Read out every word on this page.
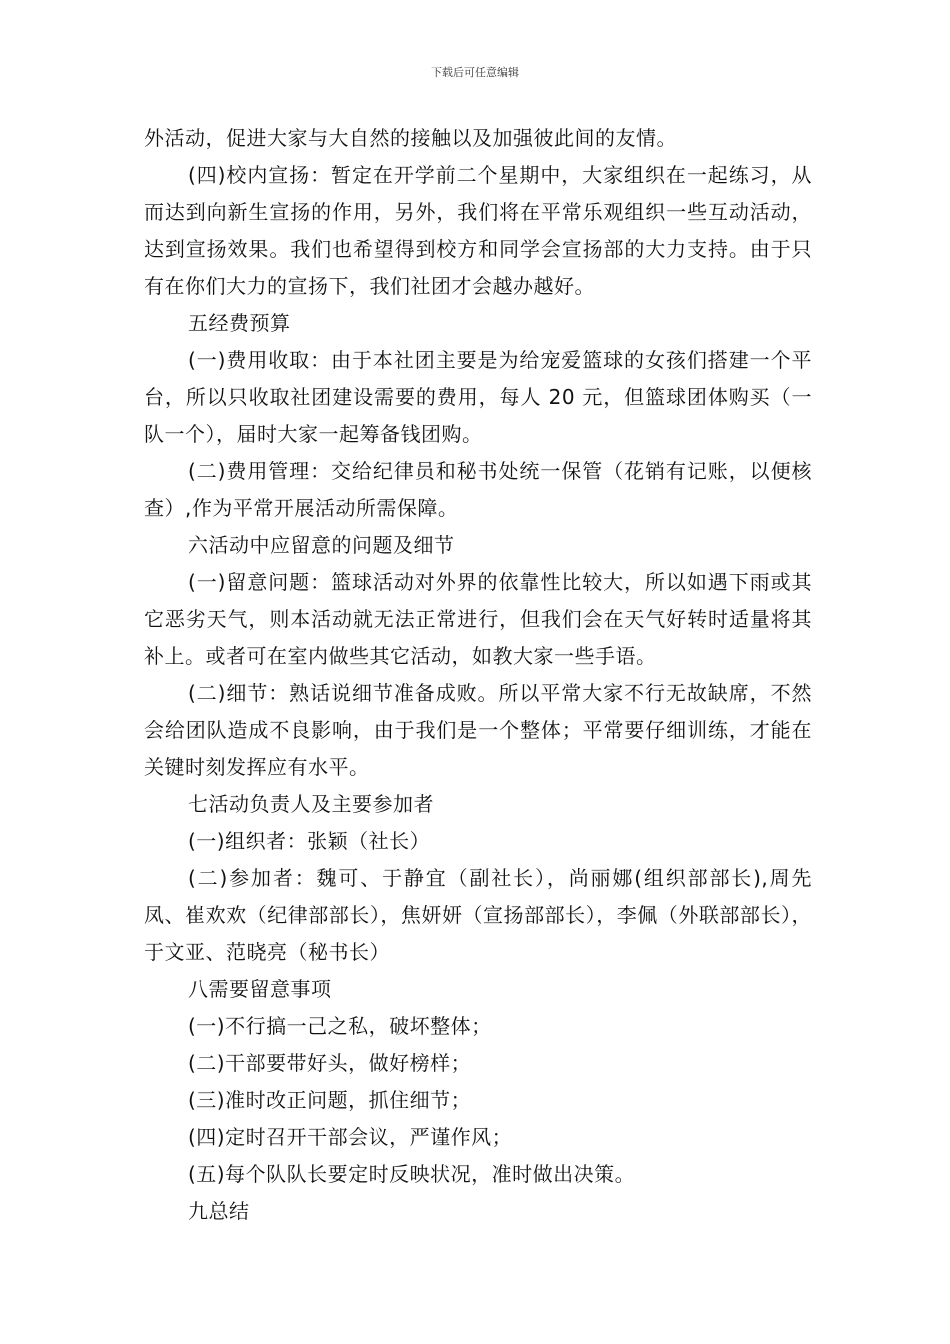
下载后可任意编辑

外活动，促进大家与大自然的接触以及加强彼此间的友情。

(四)校内宣扬：暂定在开学前二个星期中，大家组织在一起练习，从而达到向新生宣扬的作用，另外，我们将在平常乐观组织一些互动活动，达到宣扬效果。我们也希望得到校方和同学会宣扬部的大力支持。由于只有在你们大力的宣扬下，我们社团才会越办越好。

五经费预算

(一)费用收取：由于本社团主要是为给宠爱篮球的女孩们搭建一个平台，所以只收取社团建设需要的费用，每人 20 元，但篮球团体购买（一队一个），届时大家一起筹备钱团购。

(二)费用管理：交给纪律员和秘书处统一保管（花销有记账，以便核查）,作为平常开展活动所需保障。

六活动中应留意的问题及细节

(一)留意问题：篮球活动对外界的依靠性比较大，所以如遇下雨或其它恶劣天气，则本活动就无法正常进行，但我们会在天气好转时适量将其补上。或者可在室内做些其它活动，如教大家一些手语。

(二)细节：熟话说细节准备成败。所以平常大家不行无故缺席，不然会给团队造成不良影响，由于我们是一个整体；平常要仔细训练，才能在关键时刻发挥应有水平。

七活动负责人及主要参加者

(一)组织者：张颖（社长）

(二)参加者：魏可、于静宜（副社长），尚丽娜(组织部部长),周先凤、崔欢欢（纪律部部长），焦妍妍（宣扬部部长），李佩（外联部部长），于文亚、范晓亮（秘书长）

八需要留意事项

(一)不行搞一己之私，破坏整体；

(二)干部要带好头，做好榜样；

(三)准时改正问题，抓住细节；

(四)定时召开干部会议，严谨作风；

(五)每个队队长要定时反映状况，准时做出决策。

九总结
